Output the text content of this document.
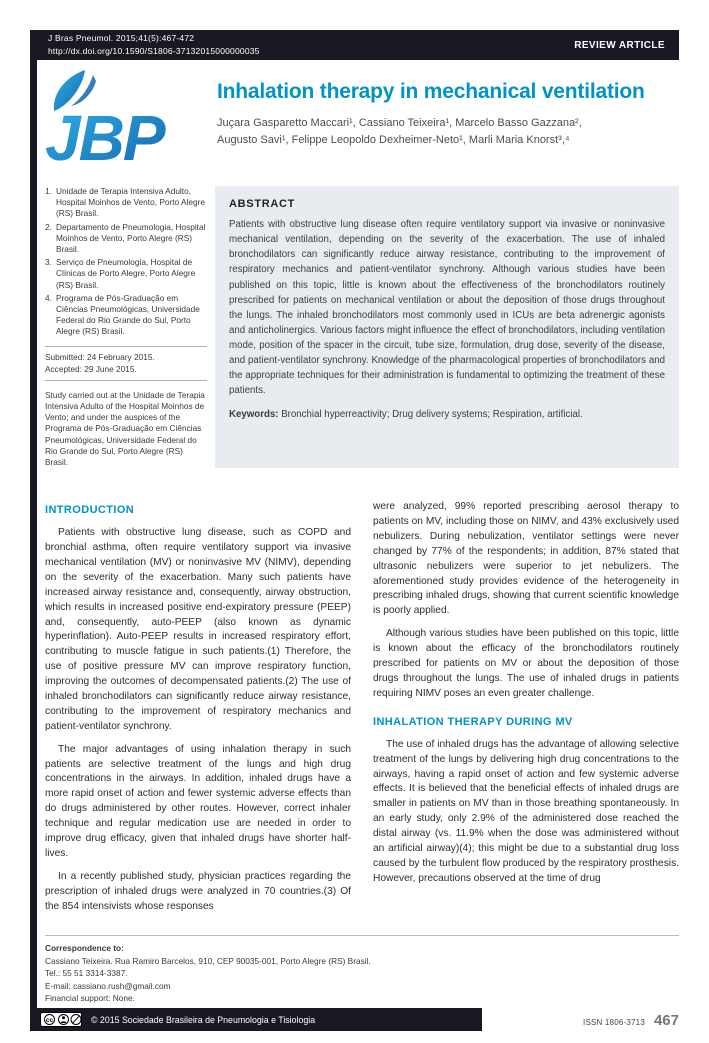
J Bras Pneumol. 2015;41(5):467-472
http://dx.doi.org/10.1590/S1806-37132015000000035
REVIEW ARTICLE
JBP
Inhalation therapy in mechanical ventilation
Juçara Gasparetto Maccari¹, Cassiano Teixeira¹, Marcelo Basso Gazzana²,
Augusto Savi¹, Felippe Leopoldo Dexheimer-Neto¹, Marli Maria Knorst³,⁴
1. Unidade de Terapia Intensiva Adulto, Hospital Moinhos de Vento, Porto Alegre (RS) Brasil.
2. Departamento de Pneumologia, Hospital Moinhos de Vento, Porto Alegre (RS) Brasil.
3. Serviço de Pneumologia, Hospital de Clínicas de Porto Alegre, Porto Alegre (RS) Brasil.
4. Programa de Pós-Graduação em Ciências Pneumológicas, Universidade Federal do Rio Grande do Sul, Porto Alegre (RS) Brasil.
Submitted: 24 February 2015.
Accepted: 29 June 2015.

Study carried out at the Unidade de Terapia Intensiva Adulto of the Hospital Moinhos de Vento; and under the auspices of the Programa de Pós-Graduação em Ciências Pneumológicas, Universidade Federal do Rio Grande do Sul, Porto Alegre (RS) Brasil.

ABSTRACT

Patients with obstructive lung disease often require ventilatory support via invasive or noninvasive mechanical ventilation, depending on the severity of the exacerbation. The use of inhaled bronchodilators can significantly reduce airway resistance, contributing to the improvement of respiratory mechanics and patient-ventilator synchrony. Although various studies have been published on this topic, little is known about the effectiveness of the bronchodilators routinely prescribed for patients on mechanical ventilation or about the deposition of those drugs throughout the lungs. The inhaled bronchodilators most commonly used in ICUs are beta adrenergic agonists and anticholinergics. Various factors might influence the effect of bronchodilators, including ventilation mode, position of the spacer in the circuit, tube size, formulation, drug dose, severity of the disease, and patient-ventilator synchrony. Knowledge of the pharmacological properties of bronchodilators and the appropriate techniques for their administration is fundamental to optimizing the treatment of these patients.

Keywords: Bronchial hyperreactivity; Drug delivery systems; Respiration, artificial.

INTRODUCTION

Patients with obstructive lung disease, such as COPD and bronchial asthma, often require ventilatory support via invasive mechanical ventilation (MV) or noninvasive MV (NIMV), depending on the severity of the exacerbation. Many such patients have increased airway resistance and, consequently, airway obstruction, which results in increased positive end-expiratory pressure (PEEP) and, consequently, auto-PEEP (also known as dynamic hyperinflation). Auto-PEEP results in increased respiratory effort, contributing to muscle fatigue in such patients.(1) Therefore, the use of positive pressure MV can improve respiratory function, improving the outcomes of decompensated patients.(2) The use of inhaled bronchodilators can significantly reduce airway resistance, contributing to the improvement of respiratory mechanics and patient-ventilator synchrony.

The major advantages of using inhalation therapy in such patients are selective treatment of the lungs and high drug concentrations in the airways. In addition, inhaled drugs have a more rapid onset of action and fewer systemic adverse effects than do drugs administered by other routes. However, correct inhaler technique and regular medication use are needed in order to improve drug efficacy, given that inhaled drugs have shorter half-lives.

In a recently published study, physician practices regarding the prescription of inhaled drugs were analyzed in 70 countries.(3) Of the 854 intensivists whose responses

were analyzed, 99% reported prescribing aerosol therapy to patients on MV, including those on NIMV, and 43% exclusively used nebulizers. During nebulization, ventilator settings were never changed by 77% of the respondents; in addition, 87% stated that ultrasonic nebulizers were superior to jet nebulizers. The aforementioned study provides evidence of the heterogeneity in prescribing inhaled drugs, showing that current scientific knowledge is poorly applied.

Although various studies have been published on this topic, little is known about the efficacy of the bronchodilators routinely prescribed for patients on MV or about the deposition of those drugs throughout the lungs. The use of inhaled drugs in patients requiring NIMV poses an even greater challenge.

INHALATION THERAPY DURING MV

The use of inhaled drugs has the advantage of allowing selective treatment of the lungs by delivering high drug concentrations to the airways, having a rapid onset of action and few systemic adverse effects. It is believed that the beneficial effects of inhaled drugs are smaller in patients on MV than in those breathing spontaneously. In an early study, only 2.9% of the administered dose reached the distal airway (vs. 11.9% when the dose was administered without an artificial airway)(4); this might be due to a substantial drug loss caused by the turbulent flow produced by the respiratory prosthesis. However, precautions observed at the time of drug

Correspondence to:
Cassiano Teixeira. Rua Ramiro Barcelos, 910, CEP 90035-001, Porto Alegre (RS) Brasil.
Tel.: 55 51 3314-3387.
E-mail: cassiano.rush@gmail.com
Financial support: None.
cc	© 2015 Sociedade Brasileira de Pneumologia e Tisiologia	ISSN 1806-3713 467
